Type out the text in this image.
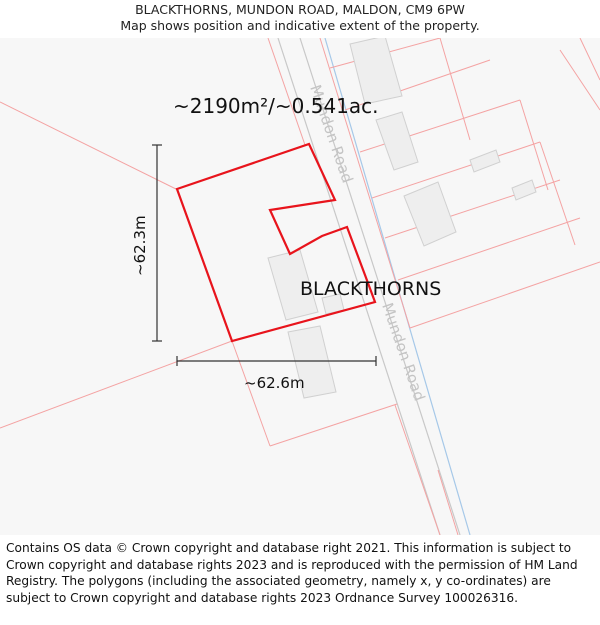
BLACKTHORNS, MUNDON ROAD, MALDON, CM9 6PW
Map shows position and indicative extent of the property.
Mundon Road
Mundon Road
~2190m²/~0.541ac.
BLACKTHORNS
~62.3m
~62.6m
Contains OS data © Crown copyright and database right 2021. This information is subject to Crown copyright and database rights 2023 and is reproduced with the permission of HM Land Registry. The polygons (including the associated geometry, namely x, y co-ordinates) are subject to Crown copyright and database rights 2023 Ordnance Survey 100026316.
